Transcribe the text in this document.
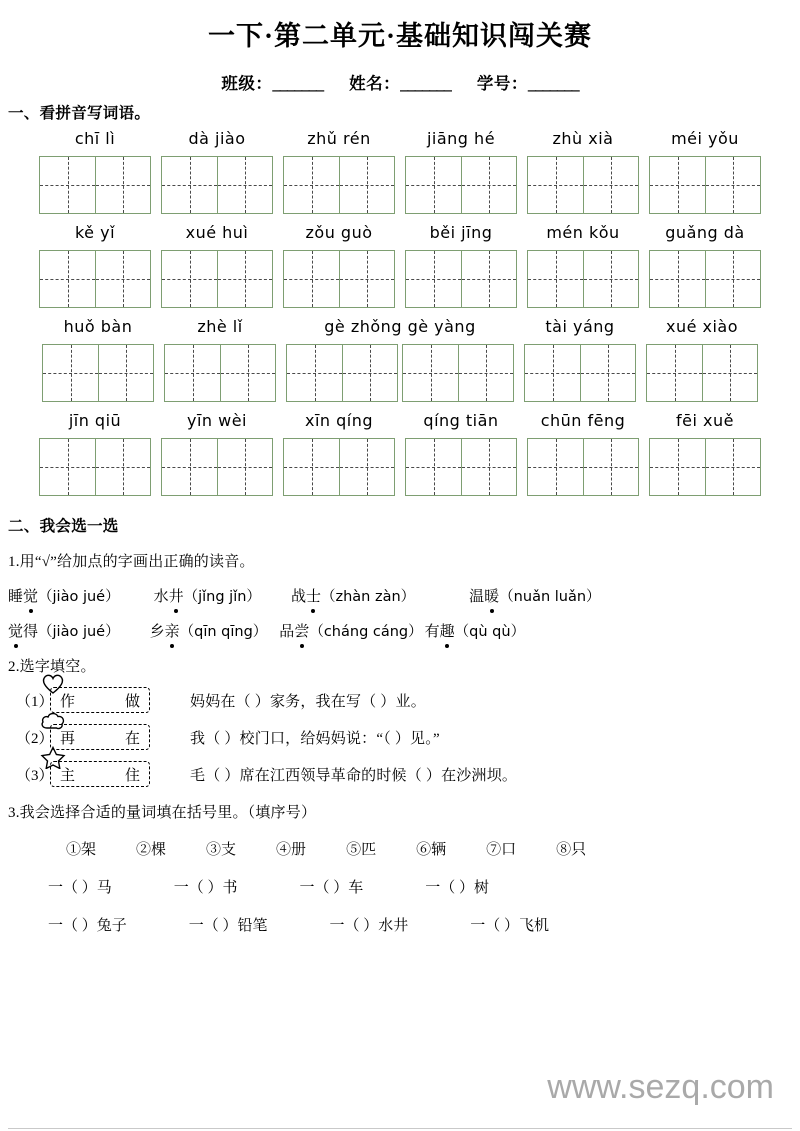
www.sezq.com
一下·第二单元·基础知识闯关赛
班级：_______ 姓名：_______ 学号：_______
一、看拼音写词语。
chī lì	dà jiào	zhǔ rén	jiāng hé	zhù xià	méi yǒu
kě yǐ	xué huì	zǒu guò	běi jīng	mén kǒu	guǎng dà
huǒ bàn	zhè lǐ	gè zhǒng gè yàng	tài yáng	xué xiào
jīn qiū	yīn wèi	xīn qíng	qíng tiān	chūn fēng	fēi xuě
二、我会选一选
1.用“√”给加点的字画出正确的读音。
睡 觉 （jiào jué） 水 井 （jǐng jǐn） 战 士 （zhàn zàn）	温 暖 （nuǎn luǎn）
觉 得 （jiào jué） 乡 亲 （qīn qīng） 品 尝 （cháng cáng） 有 趣 （qù qù）
2.选字填空。
（1） 作	做	妈妈在（ ）家务，我在写（ ）业。
（2） 再	在	我（ ）校门口，给妈妈说：“（ ）见。”
（3） 主	住	毛（ ）席在江西领导革命的时候（ ）在沙洲坝。
3.我会选择合适的量词填在括号里。（填序号）
①架	②棵	③支	④册	⑤匹	⑥辆	⑦口	⑧只
一（ ）马	一（ ）书	一（ ）车	一（ ）树
一（ ）兔子	一（ ）铅笔	一（ ）水井	一（ ）飞机
